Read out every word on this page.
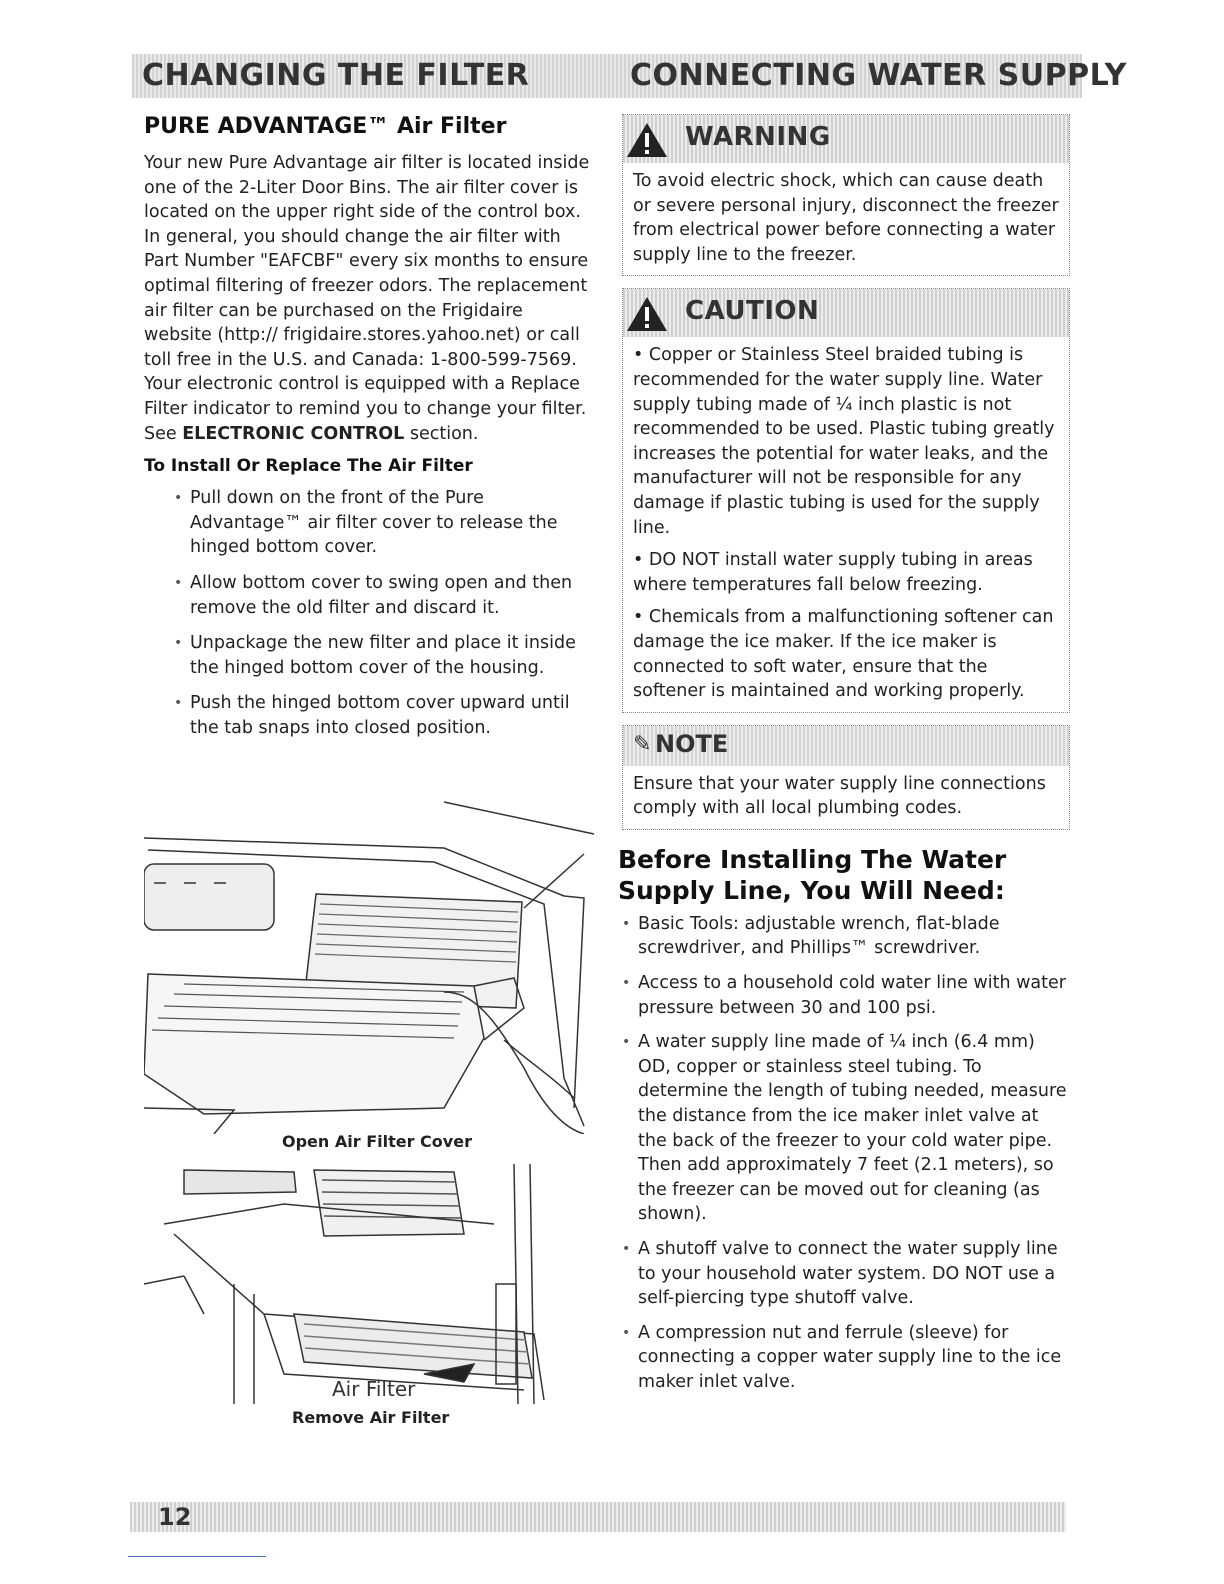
CHANGING THE FILTER	CONNECTING WATER SUPPLY
PURE ADVANTAGE™ Air Filter

Your new Pure Advantage air filter is located inside one of the 2-Liter Door Bins. The air filter cover is located on the upper right side of the control box. In general, you should change the air filter with Part Number "EAFCBF" every six months to ensure optimal filtering of freezer odors. The replacement air filter can be purchased on the Frigidaire website (http:// frigidaire.stores.yahoo.net) or call toll free in the U.S. and Canada: 1-800-599-7569. Your electronic control is equipped with a Replace Filter indicator to remind you to change your filter. See ELECTRONIC CONTROL section.

To Install Or Replace The Air Filter
• Pull down on the front of the Pure Advantage™ air filter cover to release the hinged bottom cover.
• Allow bottom cover to swing open and then remove the old filter and discard it.
• Unpackage the new filter and place it inside the hinged bottom cover of the housing.
• Push the hinged bottom cover upward until the tab snaps into closed position.
Open Air Filter Cover
Air Filter
Remove Air Filter
WARNING

To avoid electric shock, which can cause death or severe personal injury, disconnect the freezer from electrical power before connecting a water supply line to the freezer.

CAUTION

• Copper or Stainless Steel braided tubing is recommended for the water supply line. Water supply tubing made of ¼ inch plastic is not recommended to be used. Plastic tubing greatly increases the potential for water leaks, and the manufacturer will not be responsible for any damage if plastic tubing is used for the supply line.

• DO NOT install water supply tubing in areas where temperatures fall below freezing.

• Chemicals from a malfunctioning softener can damage the ice maker. If the ice maker is connected to soft water, ensure that the softener is maintained and working properly.

✎ NOTE

Ensure that your water supply line connections comply with all local plumbing codes.

Before Installing The Water Supply Line, You Will Need:
• Basic Tools: adjustable wrench, flat-blade screwdriver, and Phillips™ screwdriver.
• Access to a household cold water line with water pressure between 30 and 100 psi.
• A water supply line made of ¼ inch (6.4 mm) OD, copper or stainless steel tubing. To determine the length of tubing needed, measure the distance from the ice maker inlet valve at the back of the freezer to your cold water pipe. Then add approximately 7 feet (2.1 meters), so the freezer can be moved out for cleaning (as shown).
• A shutoff valve to connect the water supply line to your household water system. DO NOT use a self-piercing type shutoff valve.
• A compression nut and ferrule (sleeve) for connecting a copper water supply line to the ice maker inlet valve.
12
